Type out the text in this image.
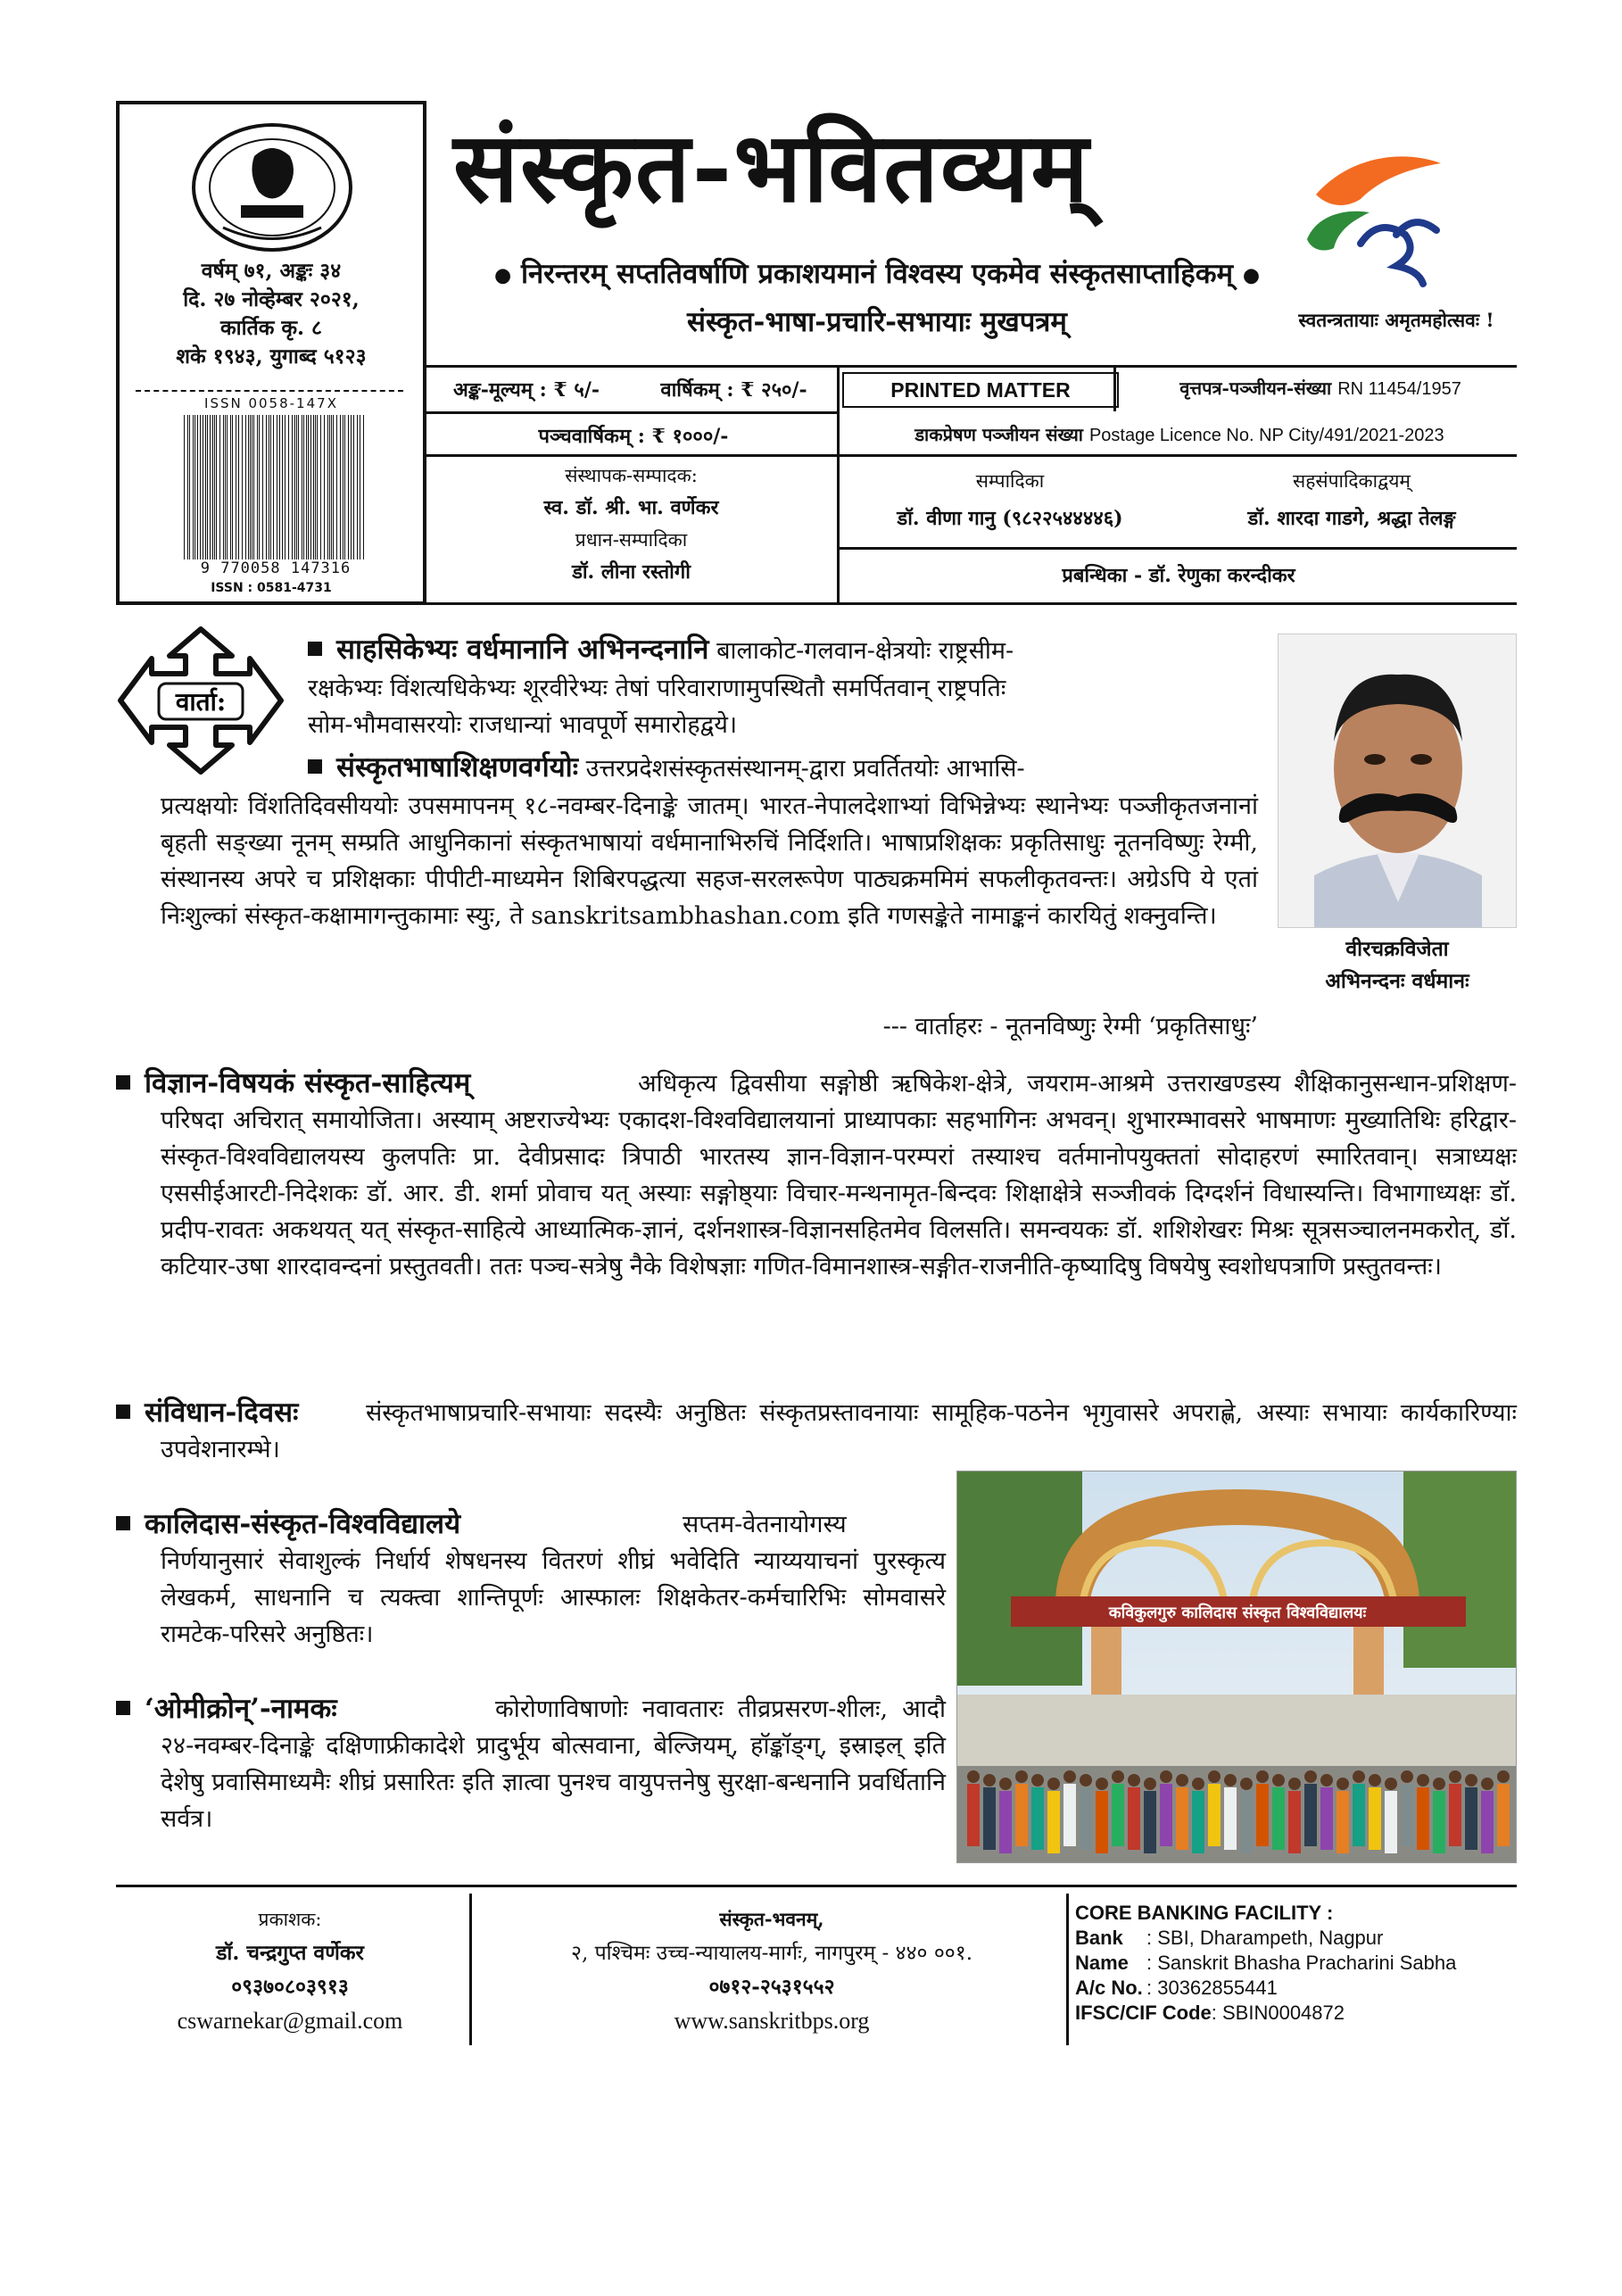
वर्षम् ७१, अङ्कः ३४
दि. २७ नोव्हेम्बर २०२१,
कार्तिक कृ. ८
शके १९४३, युगाब्द ५१२३
ISSN 0058-147X
9 770058 147316
ISSN : 0581-4731
संस्कृत-भवितव्यम्
● निरन्तरम् सप्ततिवर्षाणि प्रकाशयमानं विश्वस्य एकमेव संस्कृतसाप्ताहिकम् ●
संस्कृत-भाषा-प्रचारि-सभायाः मुखपत्रम्	स्वतन्त्रतायाः अमृतमहोत्सवः !
अङ्क-मूल्यम् : ₹ ५/-	वार्षिकम् : ₹ २५०/-
पञ्चवार्षिकम् : ₹ १०००/-
PRINTED MATTER	वृत्तपत्र-पञ्जीयन-संख्या RN 11454/1957
डाकप्रेषण पञ्जीयन संख्या Postage Licence No. NP City/491/2021-2023
संस्थापक-सम्पादक:
स्व. डॉ. श्री. भा. वर्णेकर
प्रधान-सम्पादिका
डॉ. लीना रस्तोगी
सम्पादिका
डॉ. वीणा गानु (९८२२५४४४४६)
सहसंपादिकाद्वयम्
डॉ. शारदा गाडगे, श्रद्धा तेलङ्ग
प्रबन्धिका - डॉ. रेणुका करन्दीकर
वार्ता:
साहसिकेभ्यः वर्धमानानि अभिनन्दनानि बालाकोट-गलवान-क्षेत्रयोः राष्ट्रसीम-
रक्षकेभ्यः विंशत्यधिकेभ्यः शूरवीरेभ्यः तेषां परिवाराणामुपस्थितौ समर्पितवान् राष्ट्रपतिः
सोम-भौमवासरयोः राजधान्यां भावपूर्णे समारोहद्वये।
संस्कृतभाषाशिक्षणवर्गयोः उत्तरप्रदेशसंस्कृतसंस्थानम्-द्वारा प्रवर्तितयोः आभासि-
प्रत्यक्षयोः विंशतिदिवसीययोः उपसमापनम् १८-नवम्बर-दिनाङ्के जातम्। भारत-नेपालदेशाभ्यां विभिन्नेभ्यः स्थानेभ्यः पञ्जीकृतजनानां बृहती सङ्ख्या नूनम् सम्प्रति आधुनिकानां संस्कृतभाषायां वर्धमानाभिरुचिं निर्दिशति। भाषाप्रशिक्षकः प्रकृतिसाधुः नूतनविष्णुः रेग्मी, संस्थानस्य अपरे च प्रशिक्षकाः पीपीटी-माध्यमेन शिबिरपद्धत्या सहज-सरलरूपेण पाठ्यक्रममिमं सफलीकृतवन्तः। अग्रेऽपि ये एतां निःशुल्कां संस्कृत-कक्षामागन्तुकामाः स्युः, ते sanskritsambhashan.com इति गणसङ्केते नामाङ्कनं कारयितुं शक्नुवन्ति।
--- वार्ताहरः - नूतनविष्णुः रेग्मी ‘प्रकृतिसाधुः’
वीरचक्रविजेता
अभिनन्दनः वर्धमानः
विज्ञान-विषयकं संस्कृत-साहित्यम्	अधिकृत्य द्विवसीया सङ्गोष्ठी ऋषिकेश-क्षेत्रे, जयराम-आश्रमे उत्तराखण्डस्य शैक्षिकानुसन्धान-प्रशिक्षण-परिषदा अचिरात् समायोजिता। अस्याम् अष्टराज्येभ्यः एकादश-विश्वविद्यालयानां प्राध्यापकाः सहभागिनः अभवन्। शुभारम्भावसरे भाषमाणः मुख्यातिथिः हरिद्वार-संस्कृत-विश्वविद्यालयस्य कुलपतिः प्रा. देवीप्रसादः त्रिपाठी भारतस्य ज्ञान-विज्ञान-परम्परां तस्याश्च वर्तमानोपयुक्ततां सोदाहरणं स्मारितवान्। सत्राध्यक्षः एससीईआरटी-निदेशकः डॉ. आर. डी. शर्मा प्रोवाच यत् अस्याः सङ्गोष्ठ्याः विचार-मन्थनामृत-बिन्दवः शिक्षाक्षेत्रे सञ्जीवकं दिग्दर्शनं विधास्यन्ति। विभागाध्यक्षः डॉ. प्रदीप-रावतः अकथयत् यत् संस्कृत-साहित्ये आध्यात्मिक-ज्ञानं, दर्शनशास्त्र-विज्ञानसहितमेव विलसति। समन्वयकः डॉ. शशिशेखरः मिश्रः सूत्रसञ्चालनमकरोत्, डॉ. कटियार-उषा शारदावन्दनां प्रस्तुतवती। ततः पञ्च-सत्रेषु नैके विशेषज्ञाः गणित-विमानशास्त्र-सङ्गीत-राजनीति-कृष्यादिषु विषयेषु स्वशोधपत्राणि प्रस्तुतवन्तः।
संविधान-दिवसः	संस्कृतभाषाप्रचारि-सभायाः सदस्यैः अनुष्ठितः संस्कृतप्रस्तावनायाः सामूहिक-पठनेन भृगुवासरे अपराह्णे, अस्याः सभायाः कार्यकारिण्याः उपवेशनारम्भे।
कालिदास-संस्कृत-विश्वविद्यालये	सप्तम-वेतनायोगस्य निर्णयानुसारं सेवाशुल्कं निर्धार्य शेषधनस्य वितरणं शीघ्रं भवेदिति न्याय्ययाचनां पुरस्कृत्य लेखकर्म, साधनानि च त्यक्त्वा शान्तिपूर्णः आस्फालः शिक्षकेतर-कर्मचारिभिः सोमवासरे रामटेक-परिसरे अनुष्ठितः।
‘ओमीक्रोन्’-नामकः	कोरोणाविषाणोः नवावतारः तीव्रप्रसरण-शीलः, आदौ २४-नवम्बर-दिनाङ्के दक्षिणाफ्रीकादेशे प्रादुर्भूय बोत्सवाना, बेल्जियम्, हॉङ्कॉङ्ग्, इस्राइल् इति देशेषु प्रवासिमाध्यमैः शीघ्रं प्रसारितः इति ज्ञात्वा पुनश्च वायुपत्तनेषु सुरक्षा-बन्धनानि प्रवर्धितानि सर्वत्र।
कविकुलगुरु कालिदास संस्कृत विश्वविद्यालयः
प्रकाशक:
डॉ. चन्द्रगुप्त वर्णेकर
०९३७०८०३९१३
cswarnekar@gmail.com
संस्कृत-भवनम्,
२, पश्चिमः उच्च-न्यायालय-मार्गः, नागपुरम् - ४४० ००१.
०७१२-२५३१५५२
www.sanskritbps.org
CORE BANKING FACILITY :
Bank : SBI, Dharampeth, Nagpur
Name : Sanskrit Bhasha Pracharini Sabha
A/c No. : 30362855441
IFSC/CIF Code: SBIN0004872
